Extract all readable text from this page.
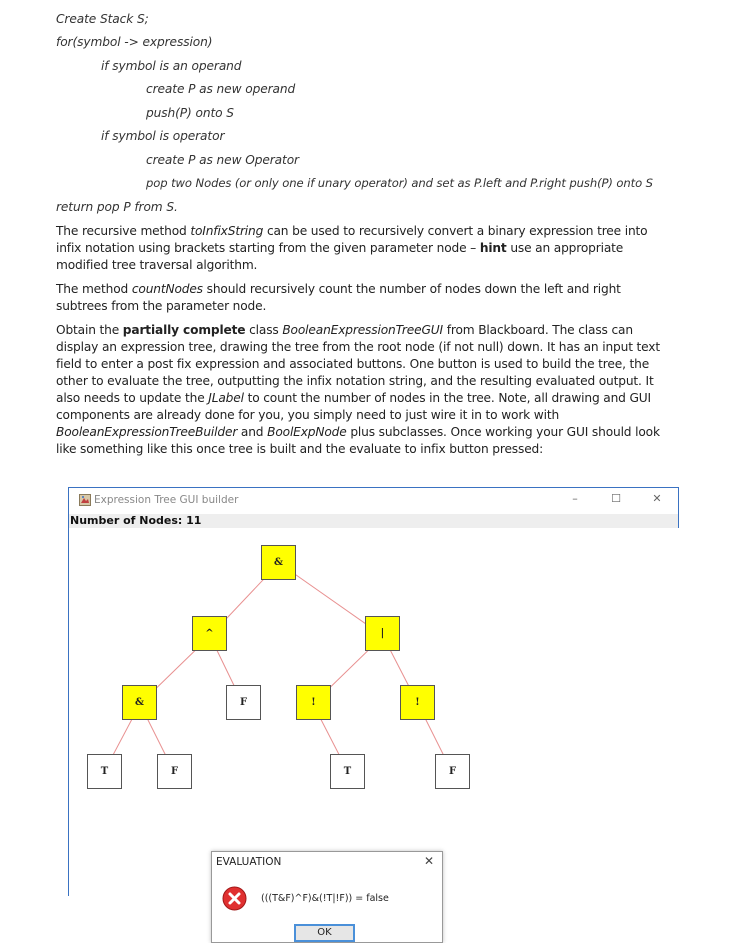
Create Stack S;
for(symbol -> expression)
if symbol is an operand
create P as new operand
push(P) onto S
if symbol is operator
create P as new Operator
pop two Nodes (or only one if unary operator) and set as P.left and P.right push(P) onto S
return pop P from S.

The recursive method toInfixString can be used to recursively convert a binary expression tree into infix notation using brackets starting from the given parameter node – hint use an appropriate modified tree traversal algorithm.

The method countNodes should recursively count the number of nodes down the left and right subtrees from the parameter node.

Obtain the partially complete class BooleanExpressionTreeGUI from Blackboard. The class can display an expression tree, drawing the tree from the root node (if not null) down. It has an input text field to enter a post fix expression and associated buttons. One button is used to build the tree, the other to evaluate the tree, outputting the infix notation string, and the resulting evaluated output. It also needs to update the JLabel to count the number of nodes in the tree. Note, all drawing and GUI components are already done for you, you simply need to just wire it in to work with BooleanExpressionTreeBuilder and BoolExpNode plus subclasses. Once working your GUI should look like something like this once tree is built and the evaluate to infix button pressed:

Expression Tree GUI builder	–	☐	✕
Number of Nodes: 11
&
^	|
&	F	!	!
T	F	T	F
EVALUATION	✕
(((T&F)^F)&(!T|!F)) = false
OK
